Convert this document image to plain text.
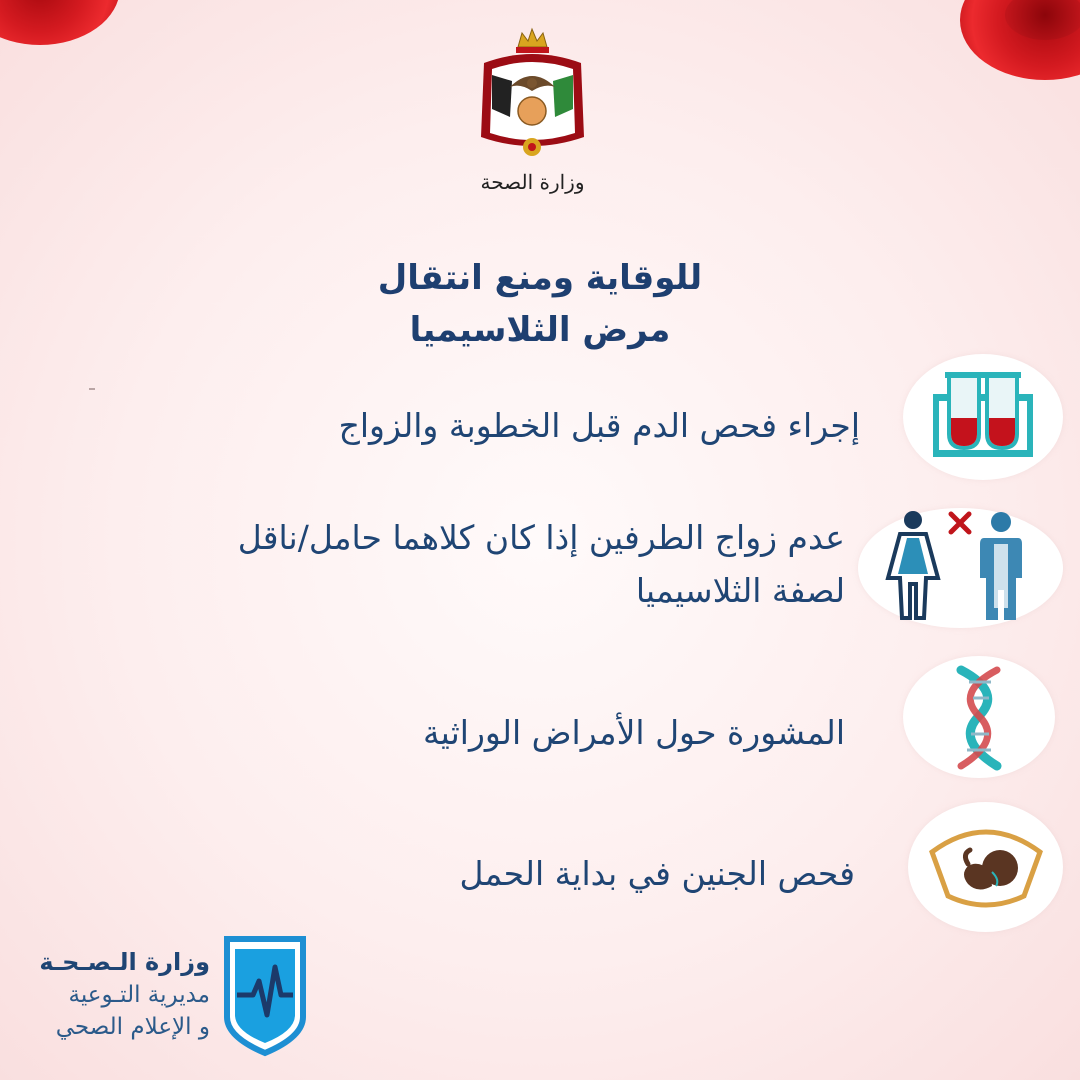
وزارة الصحة
للوقاية ومنع انتقال
مرض الثلاسيميا
إجراء فحص الدم قبل الخطوبة والزواج
عدم زواج الطرفين إذا كان كلاهما حامل/ناقل
لصفة الثلاسيميا
المشورة حول الأمراض الوراثية
فحص الجنين في بداية الحمل
وزارة الـصـحـة
مديرية التـوعية
و الإعلام الصحي
